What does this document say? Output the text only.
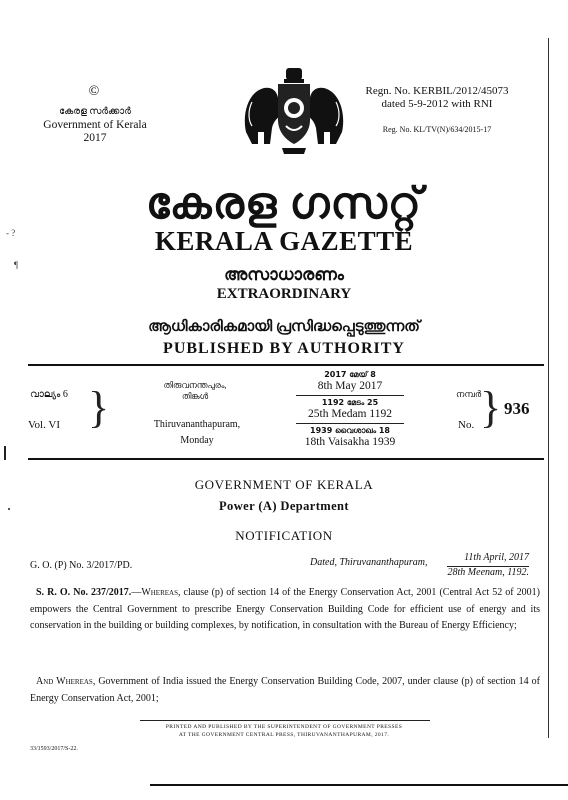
©
കേരള സർക്കാർ
Government of Kerala
2017
Regn. No. KERBIL/2012/45073
dated 5-9-2012 with RNI
Reg. No. KL/TV(N)/634/2015-17
കേരള ഗസറ്റ്
KERALA GAZETTE
അസാധാരണം
EXTRAORDINARY
ആധികാരികമായി പ്രസിദ്ധപ്പെടുത്തുന്നത്
PUBLISHED BY AUTHORITY
വാല്യം 6
Vol. VI }	തിരുവനന്തപുരം,
തിങ്കൾ
Thiruvananthapuram,
Monday
2017 മേയ് 8
8th May 2017
1192 മേടം 25
25th Medam 1192
1939 വൈശാഖം 18
18th Vaisakha 1939
നമ്പർ
No. } 936
GOVERNMENT OF KERALA
Power (A) Department
NOTIFICATION
G. O. (P) No. 3/2017/PD.	Dated, Thiruvananthapuram,	11th April, 2017
28th Meenam, 1192.
S. R. O. No. 237/2017.—Whereas, clause (p) of section 14 of the Energy Conservation Act, 2001 (Central Act 52 of 2001) empowers the Central Government to prescribe Energy Conservation Building Code for efficient use of energy and its conservation in the building or building complexes, by notification, in consultation with the Bureau of Energy Efficiency;
And Whereas, Government of India issued the Energy Conservation Building Code, 2007, under clause (p) of section 14 of Energy Conservation Act, 2001;
PRINTED AND PUBLISHED BY THE SUPERINTENDENT OF GOVERNMENT PRESSES
AT THE GOVERNMENT CENTRAL PRESS, THIRUVANANTHAPURAM, 2017.
33/1593/2017/S-22.
- ?
¶
